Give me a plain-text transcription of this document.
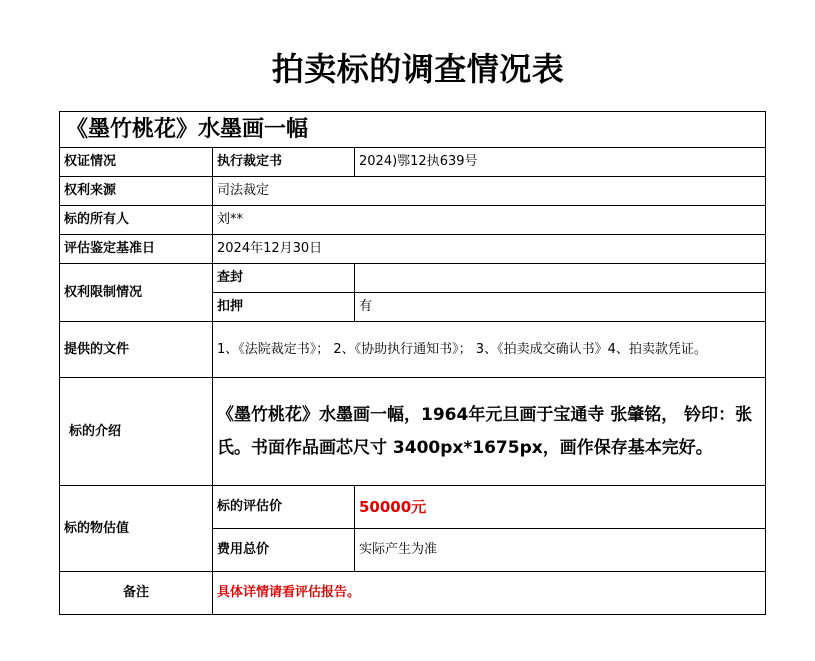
拍卖标的调查情况表
《墨竹桃花》水墨画一幅		
权证情况	执行裁定书	2024)鄂12执639号
权利来源	司法裁定	
标的所有人	刘**	
评估鉴定基准日	2024年12月30日	
权利限制情况	查封	
	扣押	有
提供的文件	1、《法院裁定书》； 2、《协助执行通知书》； 3、《拍卖成交确认书》4、拍卖款凭证。	
标的介绍	《墨竹桃花》水墨画一幅，1964年元旦画于宝通寺 张肇铭， 钤印：张氏。书面作品画芯尺寸 3400px*1675px，画作保存基本完好。	
标的物估值	标的评估价	50000元
	费用总价	实际产生为准
备注	具体详情请看评估报告。	
